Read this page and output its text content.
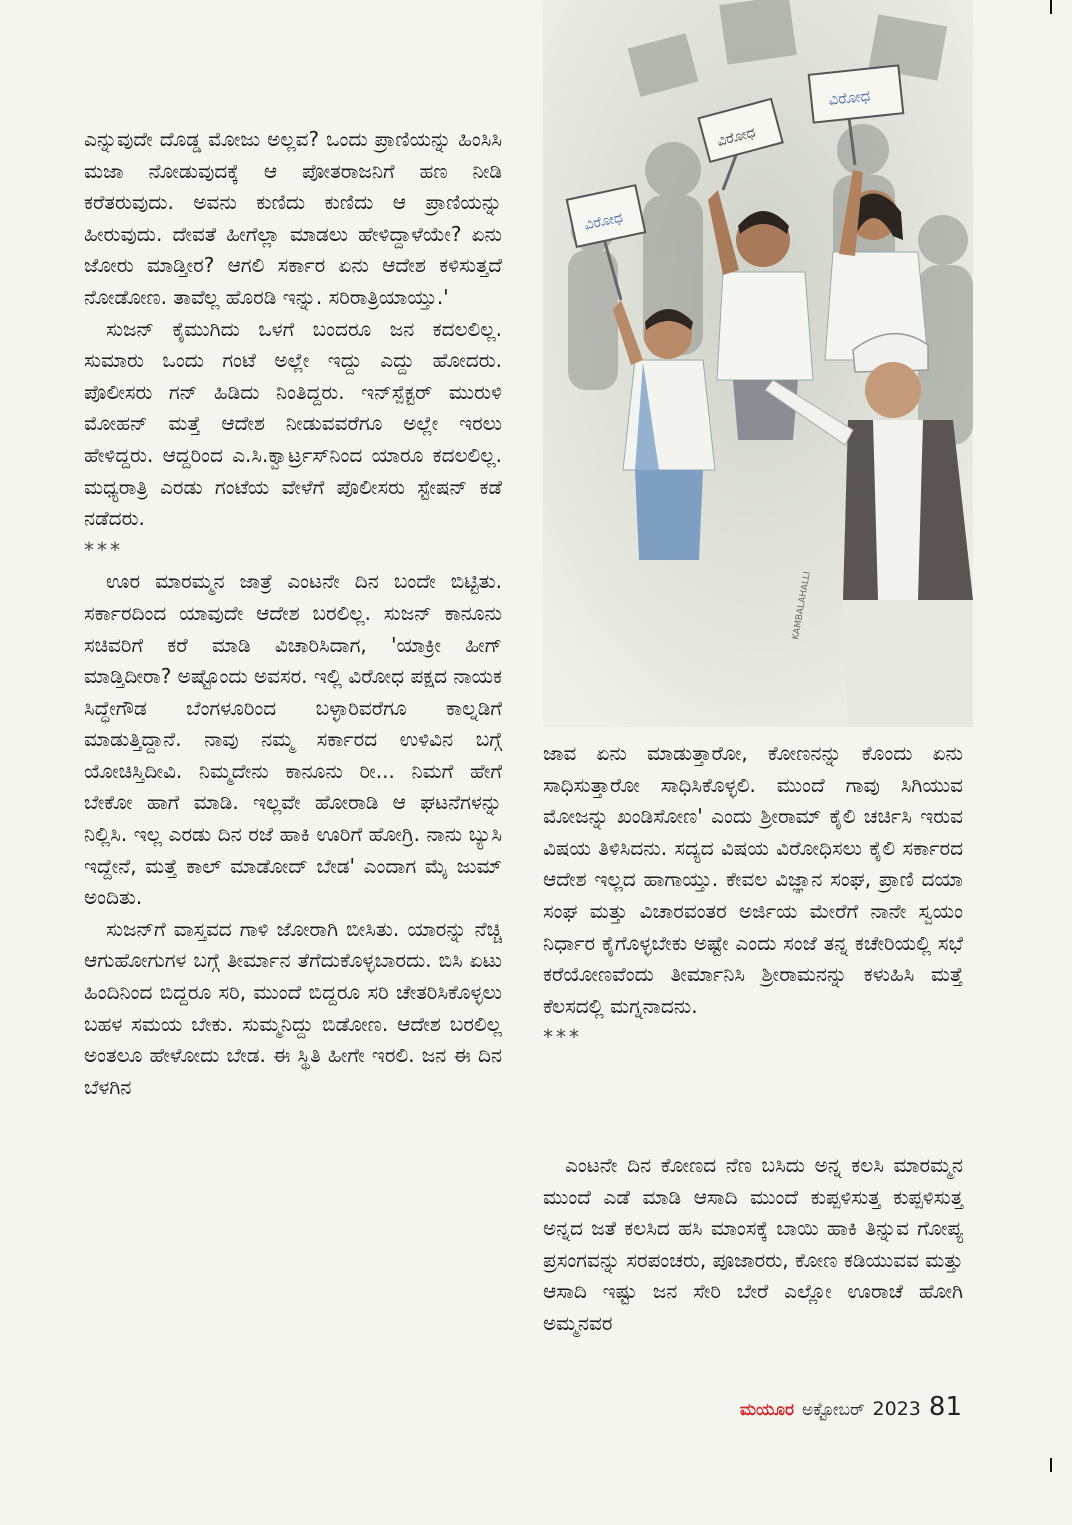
ಎನ್ನುವುದೇ ದೊಡ್ಡ ಮೋಜು ಅಲ್ಲವ? ಒಂದು ಪ್ರಾಣಿಯನ್ನು ಹಿಂಸಿಸಿ ಮಜಾ ನೋಡುವುದಕ್ಕೆ ಆ ಪೋತರಾಜನಿಗೆ ಹಣ ನೀಡಿ ಕರೆತರುವುದು. ಅವನು ಕುಣಿದು ಕುಣಿದು ಆ ಪ್ರಾಣಿಯನ್ನು ಹೀರುವುದು. ದೇವತೆ ಹೀಗೆಲ್ಲಾ ಮಾಡಲು ಹೇಳಿದ್ದಾಳೆಯೇ? ಏನು ಜೋರು ಮಾಡ್ತೀರ? ಆಗಲಿ ಸರ್ಕಾರ ಏನು ಆದೇಶ ಕಳಿಸುತ್ತದೆ ನೋಡೋಣ. ತಾವೆಲ್ಲ ಹೊರಡಿ ಇನ್ನು. ಸರಿರಾತ್ರಿಯಾಯ್ತು.'

ಸುಜನ್ ಕೈಮುಗಿದು ಒಳಗೆ ಬಂದರೂ ಜನ ಕದಲಲಿಲ್ಲ. ಸುಮಾರು ಒಂದು ಗಂಟೆ ಅಲ್ಲೇ ಇದ್ದು ಎದ್ದು ಹೋದರು. ಪೊಲೀಸರು ಗನ್ ಹಿಡಿದು ನಿಂತಿದ್ದರು. ಇನ್‌ಸ್ಪೆಕ್ಟರ್ ಮುರುಳಿ ಮೋಹನ್ ಮತ್ತೆ ಆದೇಶ ನೀಡುವವರೆಗೂ ಅಲ್ಲೇ ಇರಲು ಹೇಳಿದ್ದರು. ಆದ್ದರಿಂದ ಎ.ಸಿ.ಕ್ವಾರ್ಟ್ರಸ್‌ನಿಂದ ಯಾರೂ ಕದಲಲಿಲ್ಲ. ಮಧ್ಯರಾತ್ರಿ ಎರಡು ಗಂಟೆಯ ವೇಳೆಗೆ ಪೊಲೀಸರು ಸ್ಟೇಷನ್ ಕಡೆ ನಡೆದರು.

***

ಊರ ಮಾರಮ್ಮನ ಜಾತ್ರೆ ಎಂಟನೇ ದಿನ ಬಂದೇ ಬಿಟ್ಟಿತು. ಸರ್ಕಾರದಿಂದ ಯಾವುದೇ ಆದೇಶ ಬರಲಿಲ್ಲ. ಸುಜನ್ ಕಾನೂನು ಸಚಿವರಿಗೆ ಕರೆ ಮಾಡಿ ವಿಚಾರಿಸಿದಾಗ, 'ಯಾಕ್ರೀ ಹೀಗ್ ಮಾಡ್ತಿದೀರಾ? ಅಷ್ಟೊಂದು ಅವಸರ. ಇಲ್ಲಿ ವಿರೋಧ ಪಕ್ಷದ ನಾಯಕ ಸಿದ್ಧೇಗೌಡ ಬೆಂಗಳೂರಿಂದ ಬಳ್ಳಾರಿವರೆಗೂ ಕಾಲ್ನಡಿಗೆ ಮಾಡುತ್ತಿದ್ದಾನೆ. ನಾವು ನಮ್ಮ ಸರ್ಕಾರದ ಉಳಿವಿನ ಬಗ್ಗೆ ಯೋಚಿಸ್ತಿದೀವಿ. ನಿಮ್ಮದೇನು ಕಾನೂನು ರೀ... ನಿಮಗೆ ಹೇಗೆ ಬೇಕೋ ಹಾಗೆ ಮಾಡಿ. ಇಲ್ಲವೇ ಹೋರಾಡಿ ಆ ಘಟನೆಗಳನ್ನು ನಿಲ್ಲಿಸಿ. ಇಲ್ಲ ಎರಡು ದಿನ ರಜೆ ಹಾಕಿ ಊರಿಗೆ ಹೋಗ್ರಿ. ನಾನು ಬ್ಯುಸಿ ಇದ್ದೇನೆ, ಮತ್ತೆ ಕಾಲ್ ಮಾಡೋದ್ ಬೇಡ' ಎಂದಾಗ ಮೈ ಜುಮ್ ಅಂದಿತು.

ಸುಜನ್‌ಗೆ ವಾಸ್ತವದ ಗಾಳಿ ಜೋರಾಗಿ ಬೀಸಿತು. ಯಾರನ್ನು ನೆಚ್ಚಿ ಆಗುಹೋಗುಗಳ ಬಗ್ಗೆ ತೀರ್ಮಾನ ತೆಗೆದುಕೊಳ್ಳಬಾರದು. ಬಿಸಿ ಏಟು ಹಿಂದಿನಿಂದ ಬಿದ್ದರೂ ಸರಿ, ಮುಂದೆ ಬಿದ್ದರೂ ಸರಿ ಚೇತರಿಸಿಕೊಳ್ಳಲು ಬಹಳ ಸಮಯ ಬೇಕು. ಸುಮ್ಮನಿದ್ದು ಬಿಡೋಣ. ಆದೇಶ ಬರಲಿಲ್ಲ ಅಂತಲೂ ಹೇಳೋದು ಬೇಡ. ಈ ಸ್ಥಿತಿ ಹೀಗೇ ಇರಲಿ. ಜನ ಈ ದಿನ ಬೆಳಗಿನ

ವಿರೋಧ
ವಿರೋಧ
ವಿರೋಧ
KAMBALAHALLI

ಜಾವ ಏನು ಮಾಡುತ್ತಾರೋ, ಕೋಣನನ್ನು ಕೊಂದು ಏನು ಸಾಧಿಸುತ್ತಾರೋ ಸಾಧಿಸಿಕೊಳ್ಳಲಿ. ಮುಂದೆ ಗಾವು ಸಿಗಿಯುವ ಮೋಜನ್ನು ಖಂಡಿಸೋಣ' ಎಂದು ಶ್ರೀರಾಮ್ ಕೈಲಿ ಚರ್ಚಿಸಿ ಇರುವ ವಿಷಯ ತಿಳಿಸಿದನು. ಸದ್ಯದ ವಿಷಯ ವಿರೋಧಿಸಲು ಕೈಲಿ ಸರ್ಕಾರದ ಆದೇಶ ಇಲ್ಲದ ಹಾಗಾಯ್ತು. ಕೇವಲ ವಿಜ್ಞಾನ ಸಂಘ, ಪ್ರಾಣಿ ದಯಾ ಸಂಘ ಮತ್ತು ವಿಚಾರವಂತರ ಅರ್ಜಿಯ ಮೇರೆಗೆ ನಾನೇ ಸ್ವಯಂ ನಿರ್ಧಾರ ಕೈಗೊಳ್ಳಬೇಕು ಅಷ್ಟೇ ಎಂದು ಸಂಜೆ ತನ್ನ ಕಚೇರಿಯಲ್ಲಿ ಸಭೆ ಕರೆಯೋಣವೆಂದು ತೀರ್ಮಾನಿಸಿ ಶ್ರೀರಾಮನನ್ನು ಕಳುಹಿಸಿ ಮತ್ತೆ ಕೆಲಸದಲ್ಲಿ ಮಗ್ನನಾದನು.

***

ಎಂಟನೇ ದಿನ ಕೋಣದ ನೆಣ ಬಸಿದು ಅನ್ನ ಕಲಸಿ ಮಾರಮ್ಮನ ಮುಂದೆ ಎಡೆ ಮಾಡಿ ಆಸಾದಿ ಮುಂದೆ ಕುಪ್ಪಳಿಸುತ್ತ ಕುಪ್ಪಳಿಸುತ್ತ ಅನ್ನದ ಜತೆ ಕಲಸಿದ ಹಸಿ ಮಾಂಸಕ್ಕೆ ಬಾಯಿ ಹಾಕಿ ತಿನ್ನುವ ಗೋಪ್ಯ ಪ್ರಸಂಗವನ್ನು ಸರಪಂಚರು, ಪೂಜಾರರು, ಕೋಣ ಕಡಿಯುವವ ಮತ್ತು ಆಸಾದಿ ಇಷ್ಟು ಜನ ಸೇರಿ ಬೇರೆ ಎಲ್ಲೋ ಊರಾಚೆ ಹೋಗಿ ಅಮ್ಮನವರ

ಮಯೂರ ಅಕ್ಟೋಬರ್ 2023 81
